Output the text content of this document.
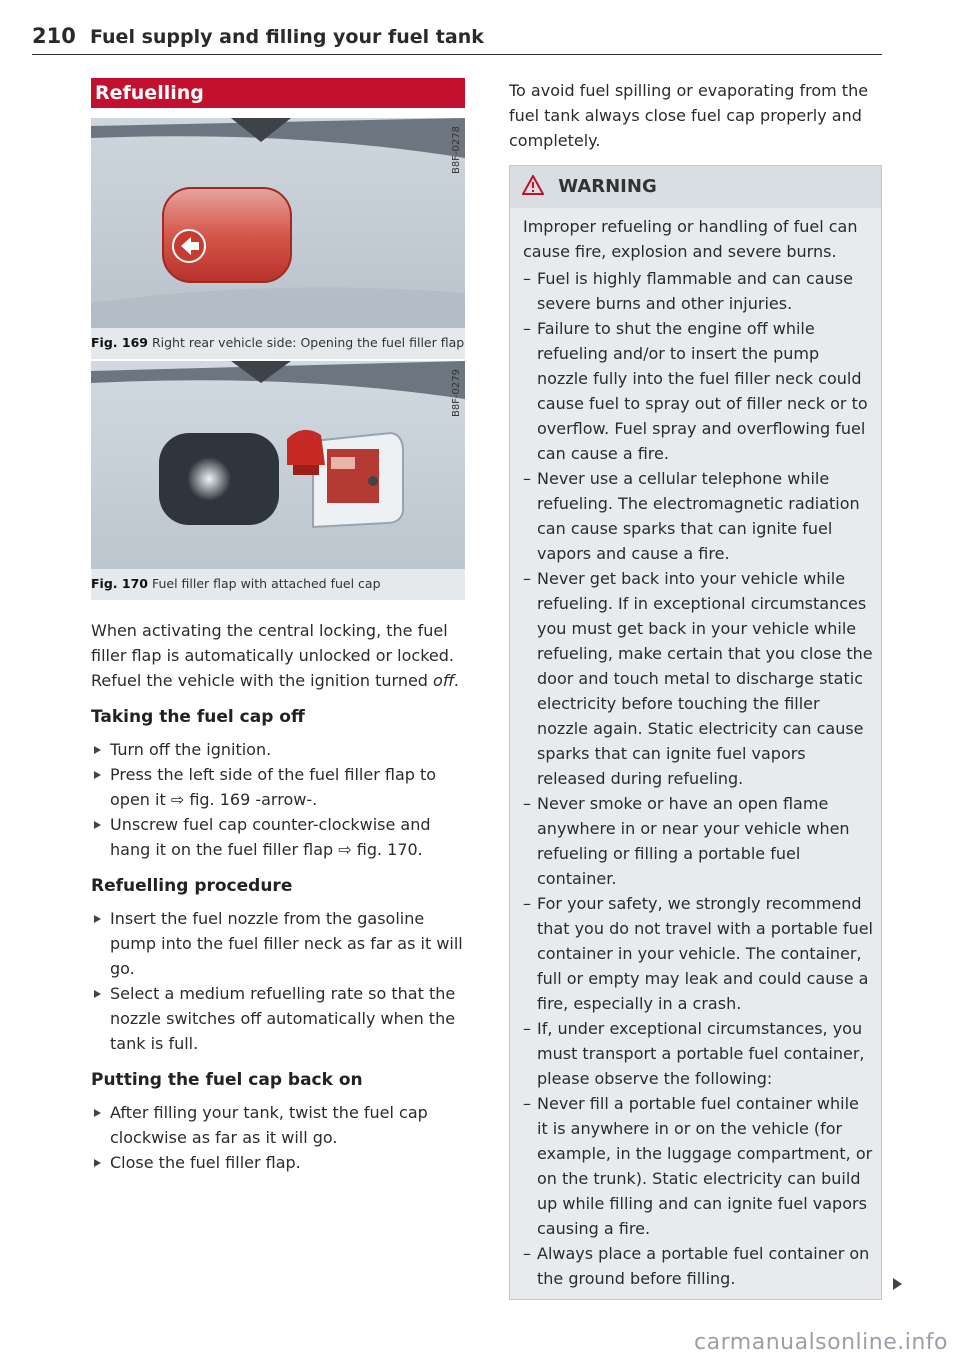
210 Fuel supply and filling your fuel tank
Refuelling
B8F-0278
Fig. 169 Right rear vehicle side: Opening the fuel filler flap
B8F-0279
Fig. 170 Fuel filler flap with attached fuel cap
When activating the central locking, the fuel filler flap is automatically unlocked or locked. Refuel the vehicle with the ignition turned off.
Taking the fuel cap off
Turn off the ignition.
Press the left side of the fuel filler flap to open it ⇨ fig. 169 -arrow-.
Unscrew fuel cap counter-clockwise and hang it on the fuel filler flap ⇨ fig. 170.
Refuelling procedure
Insert the fuel nozzle from the gasoline pump into the fuel filler neck as far as it will go.
Select a medium refuelling rate so that the nozzle switches off automatically when the tank is full.
Putting the fuel cap back on
After filling your tank, twist the fuel cap clockwise as far as it will go.
Close the fuel filler flap.
To avoid fuel spilling or evaporating from the fuel tank always close fuel cap properly and completely.
WARNING
Improper refueling or handling of fuel can cause fire, explosion and severe burns.
– Fuel is highly flammable and can cause severe burns and other injuries.
– Failure to shut the engine off while refueling and/or to insert the pump nozzle fully into the fuel filler neck could cause fuel to spray out of filler neck or to overflow. Fuel spray and overflowing fuel can cause a fire.
– Never use a cellular telephone while refueling. The electromagnetic radiation can cause sparks that can ignite fuel vapors and cause a fire.
– Never get back into your vehicle while refueling. If in exceptional circumstances you must get back in your vehicle while refueling, make certain that you close the door and touch metal to discharge static electricity before touching the filler nozzle again. Static electricity can cause sparks that can ignite fuel vapors released during refueling.
– Never smoke or have an open flame anywhere in or near your vehicle when refueling or filling a portable fuel container.
– For your safety, we strongly recommend that you do not travel with a portable fuel container in your vehicle. The container, full or empty may leak and could cause a fire, especially in a crash.
– If, under exceptional circumstances, you must transport a portable fuel container, please observe the following:
– Never fill a portable fuel container while it is anywhere in or on the vehicle (for example, in the luggage compartment, or on the trunk). Static electricity can build up while filling and can ignite fuel vapors causing a fire.
– Always place a portable fuel container on the ground before filling.
carmanualsonline.info
